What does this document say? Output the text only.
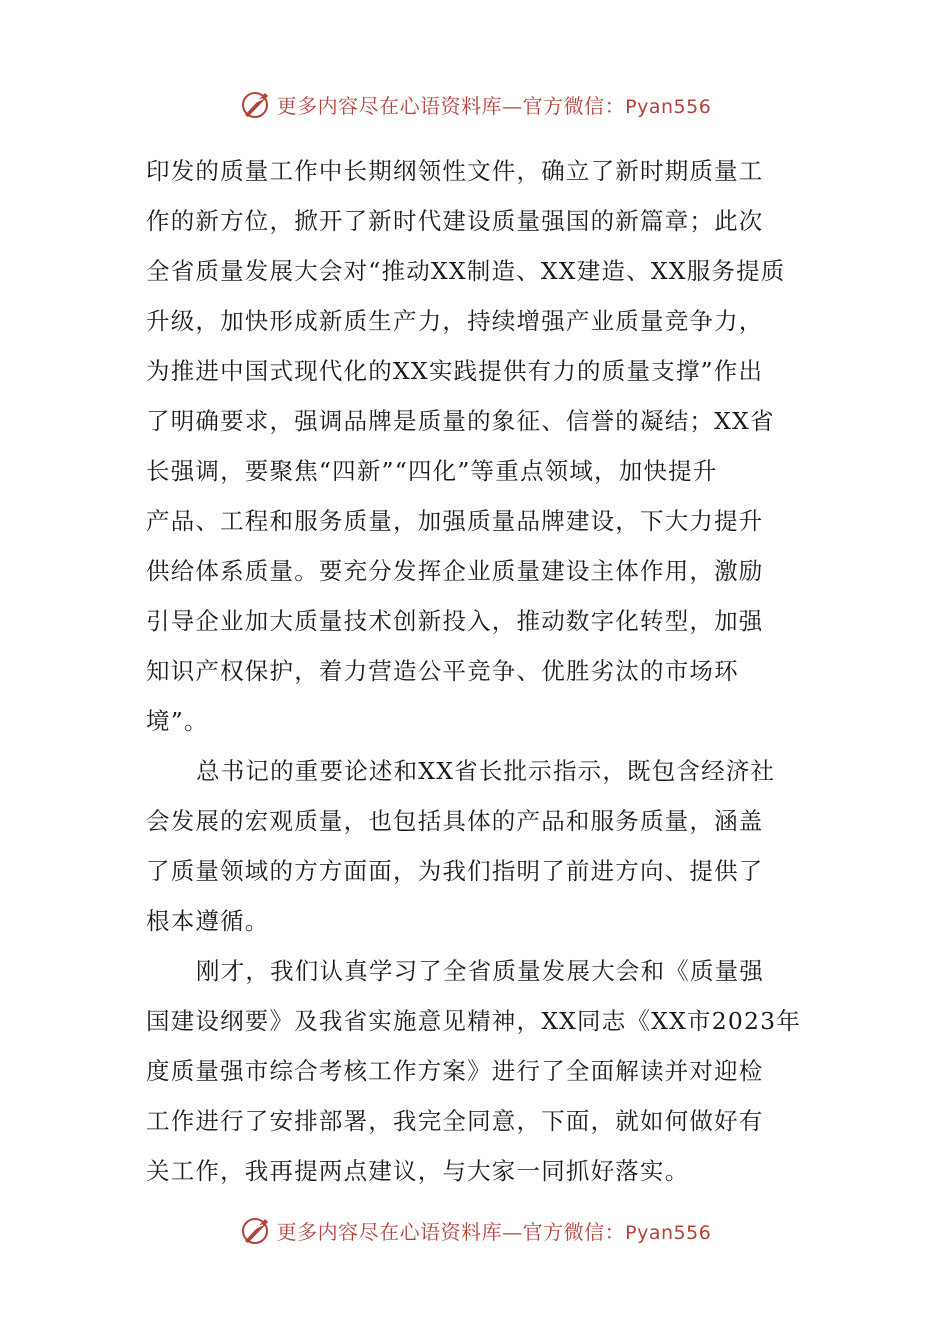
更多内容尽在心语资料库—官方微信：Pyan556
印发的质量工作中长期纲领性文件，确立了新时期质量工
作的新方位，掀开了新时代建设质量强国的新篇章；此次
全省质量发展大会对“推动XX制造、XX建造、XX服务提质
升级，加快形成新质生产力，持续增强产业质量竞争力，
为推进中国式现代化的XX实践提供有力的质量支撑”作出
了明确要求，强调品牌是质量的象征、信誉的凝结；XX省
长强调，要聚焦“四新”“四化”等重点领域，加快提升
产品、工程和服务质量，加强质量品牌建设，下大力提升
供给体系质量。要充分发挥企业质量建设主体作用，激励
引导企业加大质量技术创新投入，推动数字化转型，加强
知识产权保护，着力营造公平竞争、优胜劣汰的市场环
境”。
总书记的重要论述和XX省长批示指示，既包含经济社
会发展的宏观质量，也包括具体的产品和服务质量，涵盖
了质量领域的方方面面，为我们指明了前进方向、提供了
根本遵循。
刚才，我们认真学习了全省质量发展大会和《质量强
国建设纲要》及我省实施意见精神，XX同志《XX市2023年
度质量强市综合考核工作方案》进行了全面解读并对迎检
工作进行了安排部署，我完全同意，下面，就如何做好有
关工作，我再提两点建议，与大家一同抓好落实。
更多内容尽在心语资料库—官方微信：Pyan556
